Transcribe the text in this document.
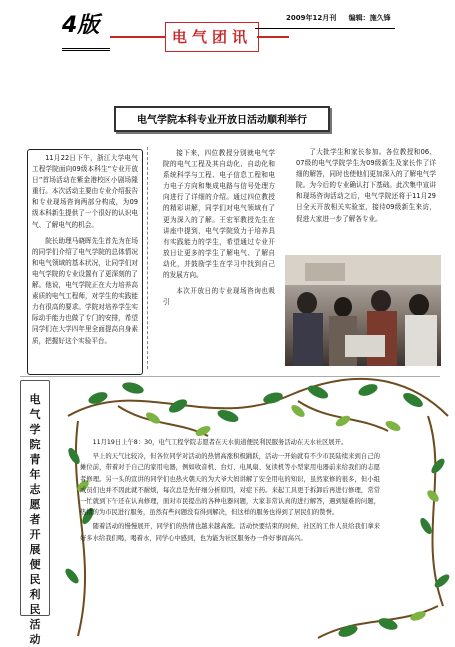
4版	电气团讯
2009年12月刊 编辑：施久锋
电气学院本科专业开放日活动顺利举行

11月22日下午，浙江大学电气工程学院面向09级本科生“专业开放日”首场活动在紫金港校区小剧场隆重行。本次活动主要由专业介绍报告和专业现场咨询两部分构成，为09级本科新生提供了一个很好的认识电气、了解电气的机会。

院长助理马晓晖先生首先为在场的同学们介绍了电气学院的总体情况和电气领域的基本状况，让同学们对电气学院的专业设置有了更深刻的了解。他说，电气学院正在大力培养高素质的电气工程师，对学生的实践能力有很高的要求。学院对培养学生实际动手能力也做了专门的安排，希望同学们在大学四年里全面提高自身素质，把握好这个实验平台。

接下来，四位教授分别就电气学院的电气工程及其自动化、自动化和系统科学与工程、电子信息工程和电力电子方向和集成电路与信号处理方向进行了详细的介绍。通过四位教授的精彩讲解，同学们对电气领域有了更为深入的了解。王宏军教授先生在讲座中提到，电气学院致力于培养具有实践能力的学生，希望通过专业开放日让更多的学生了解电气、了解自动化，并鼓励学生在学习中找到自己的发展方向。

本次开放日的专业现场咨询也吸引

了大批学生和家长参加。各位教授和06、07级的电气学院学生为09级新生及家长作了详细的解答，同时也使他们更加深入的了解电气学院。为今后的专业确认打下基础。此次集中宣讲和现场咨询活动之后，电气学院还将于11月29日全天开放相关实验室，接待09级新生来访，促进大家进一步了解各专业。

电
气
学
院
青
年
志
愿
者
开
展
便
民
利
民
活
动

11月19日上午8：30，电气工程学院志愿者在天水街道便民利民服务活动在天水社区展开。

早上的天气比较冷，但各位同学对活动的热情高涨积极踊跃，活动一开始就有不少市民陆续来到自己的摊位前，带着对于自己的家用电器，例如收音机、台灯、电风扇、复读机等小型家用电器前来给我们的志愿者修理。另一头的宣讲的同学们也热火朝天的为大爷大妈讲解了安全用电的知识，虽然家修的很多，但小组成员们也并不因此就不耐烦，每次总是先仔细分析原因，对症下药。来起工具更于拆卸后再进行修理，常常一忙就到下午还在认真修理，面对市民提出的各种电器问题，大家非常认真的进行解答，遇到疑难的问题，热情的为市民进行服务，虽然有些问题没有得到解决，但这样的服务也得到了居民们的赞誉。

随着活动的慢慢展开，同学们的热情也越来越高涨。活动快要结束的时候，社区的工作人员给我们拿来好多水给我们喝，喝着水，同学心中感到，也为能为社区服务办一件好事而高兴。
